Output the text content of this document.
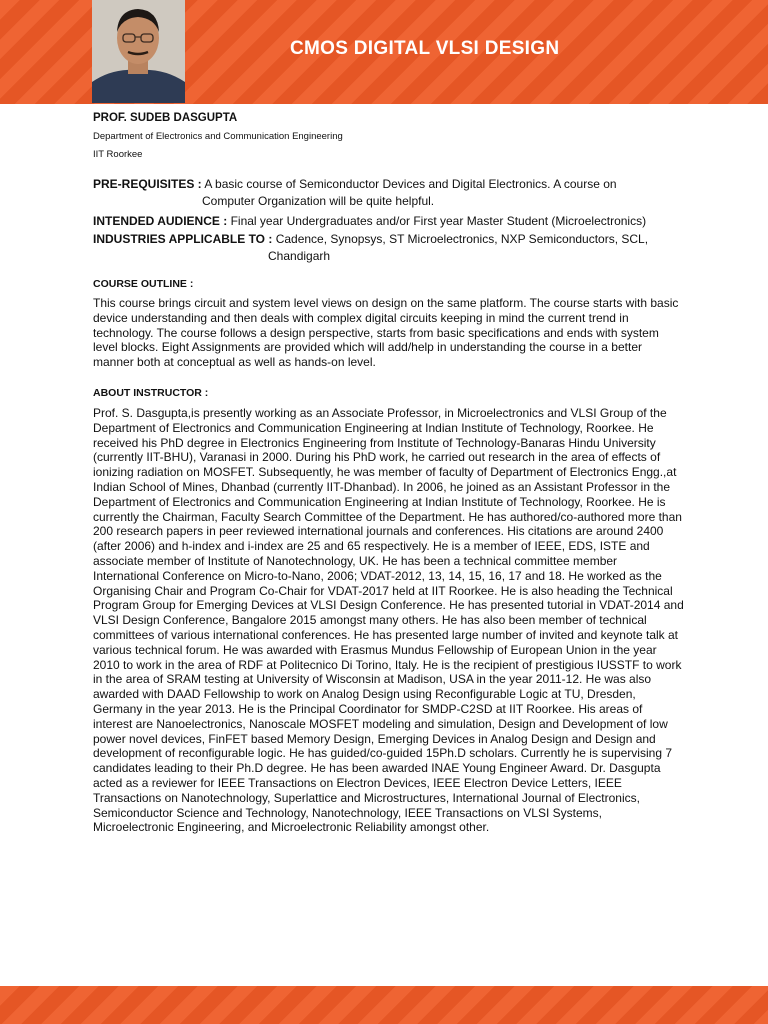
CMOS DIGITAL VLSI DESIGN
PROF. SUDEB DASGUPTA
Department of Electronics and Communication Engineering
IIT Roorkee
PRE-REQUISITES : A basic course of Semiconductor Devices and Digital Electronics. A course on
Computer Organization will be quite helpful.
INTENDED AUDIENCE : Final year Undergraduates and/or First year Master Student (Microelectronics)
INDUSTRIES APPLICABLE TO : Cadence, Synopsys, ST Microelectronics, NXP Semiconductors, SCL,
Chandigarh
COURSE OUTLINE :

This course brings circuit and system level views on design on the same platform. The course starts with basic device understanding and then deals with complex digital circuits keeping in mind the current trend in technology. The course follows a design perspective, starts from basic specifications and ends with system level blocks. Eight Assignments are provided which will add/help in understanding the course in a better manner both at conceptual as well as hands-on level.

ABOUT INSTRUCTOR :

Prof. S. Dasgupta,is presently working as an Associate Professor, in Microelectronics and VLSI Group of the Department of Electronics and Communication Engineering at Indian Institute of Technology, Roorkee. He received his PhD degree in Electronics Engineering from Institute of Technology-Banaras Hindu University (currently IIT-BHU), Varanasi in 2000. During his PhD work, he carried out research in the area of effects of ionizing radiation on MOSFET. Subsequently, he was member of faculty of Department of Electronics Engg.,at Indian School of Mines, Dhanbad (currently IIT-Dhanbad). In 2006, he joined as an Assistant Professor in the Department of Electronics and Communication Engineering at Indian Institute of Technology, Roorkee. He is currently the Chairman, Faculty Search Committee of the Department. He has authored/co-authored more than 200 research papers in peer reviewed international journals and conferences. His citations are around 2400 (after 2006) and h-index and i-index are 25 and 65 respectively. He is a member of IEEE, EDS, ISTE and associate member of Institute of Nanotechnology, UK. He has been a technical committee member International Conference on Micro-to-Nano, 2006; VDAT-2012, 13, 14, 15, 16, 17 and 18. He worked as the Organising Chair and Program Co-Chair for VDAT-2017 held at IIT Roorkee. He is also heading the Technical Program Group for Emerging Devices at VLSI Design Conference. He has presented tutorial in VDAT-2014 and VLSI Design Conference, Bangalore 2015 amongst many others. He has also been member of technical committees of various international conferences. He has presented large number of invited and keynote talk at various technical forum. He was awarded with Erasmus Mundus Fellowship of European Union in the year 2010 to work in the area of RDF at Politecnico Di Torino, Italy. He is the recipient of prestigious IUSSTF to work in the area of SRAM testing at University of Wisconsin at Madison, USA in the year 2011-12. He was also awarded with DAAD Fellowship to work on Analog Design using Reconfigurable Logic at TU, Dresden, Germany in the year 2013. He is the Principal Coordinator for SMDP-C2SD at IIT Roorkee. His areas of interest are Nanoelectronics, Nanoscale MOSFET modeling and simulation, Design and Development of low power novel devices, FinFET based Memory Design, Emerging Devices in Analog Design and Design and development of reconfigurable logic. He has guided/co-guided 15Ph.D scholars. Currently he is supervising 7 candidates leading to their Ph.D degree. He has been awarded INAE Young Engineer Award. Dr. Dasgupta acted as a reviewer for IEEE Transactions on Electron Devices, IEEE Electron Device Letters, IEEE Transactions on Nanotechnology, Superlattice and Microstructures, International Journal of Electronics, Semiconductor Science and Technology, Nanotechnology, IEEE Transactions on VLSI Systems, Microelectronic Engineering, and Microelectronic Reliability amongst other.
